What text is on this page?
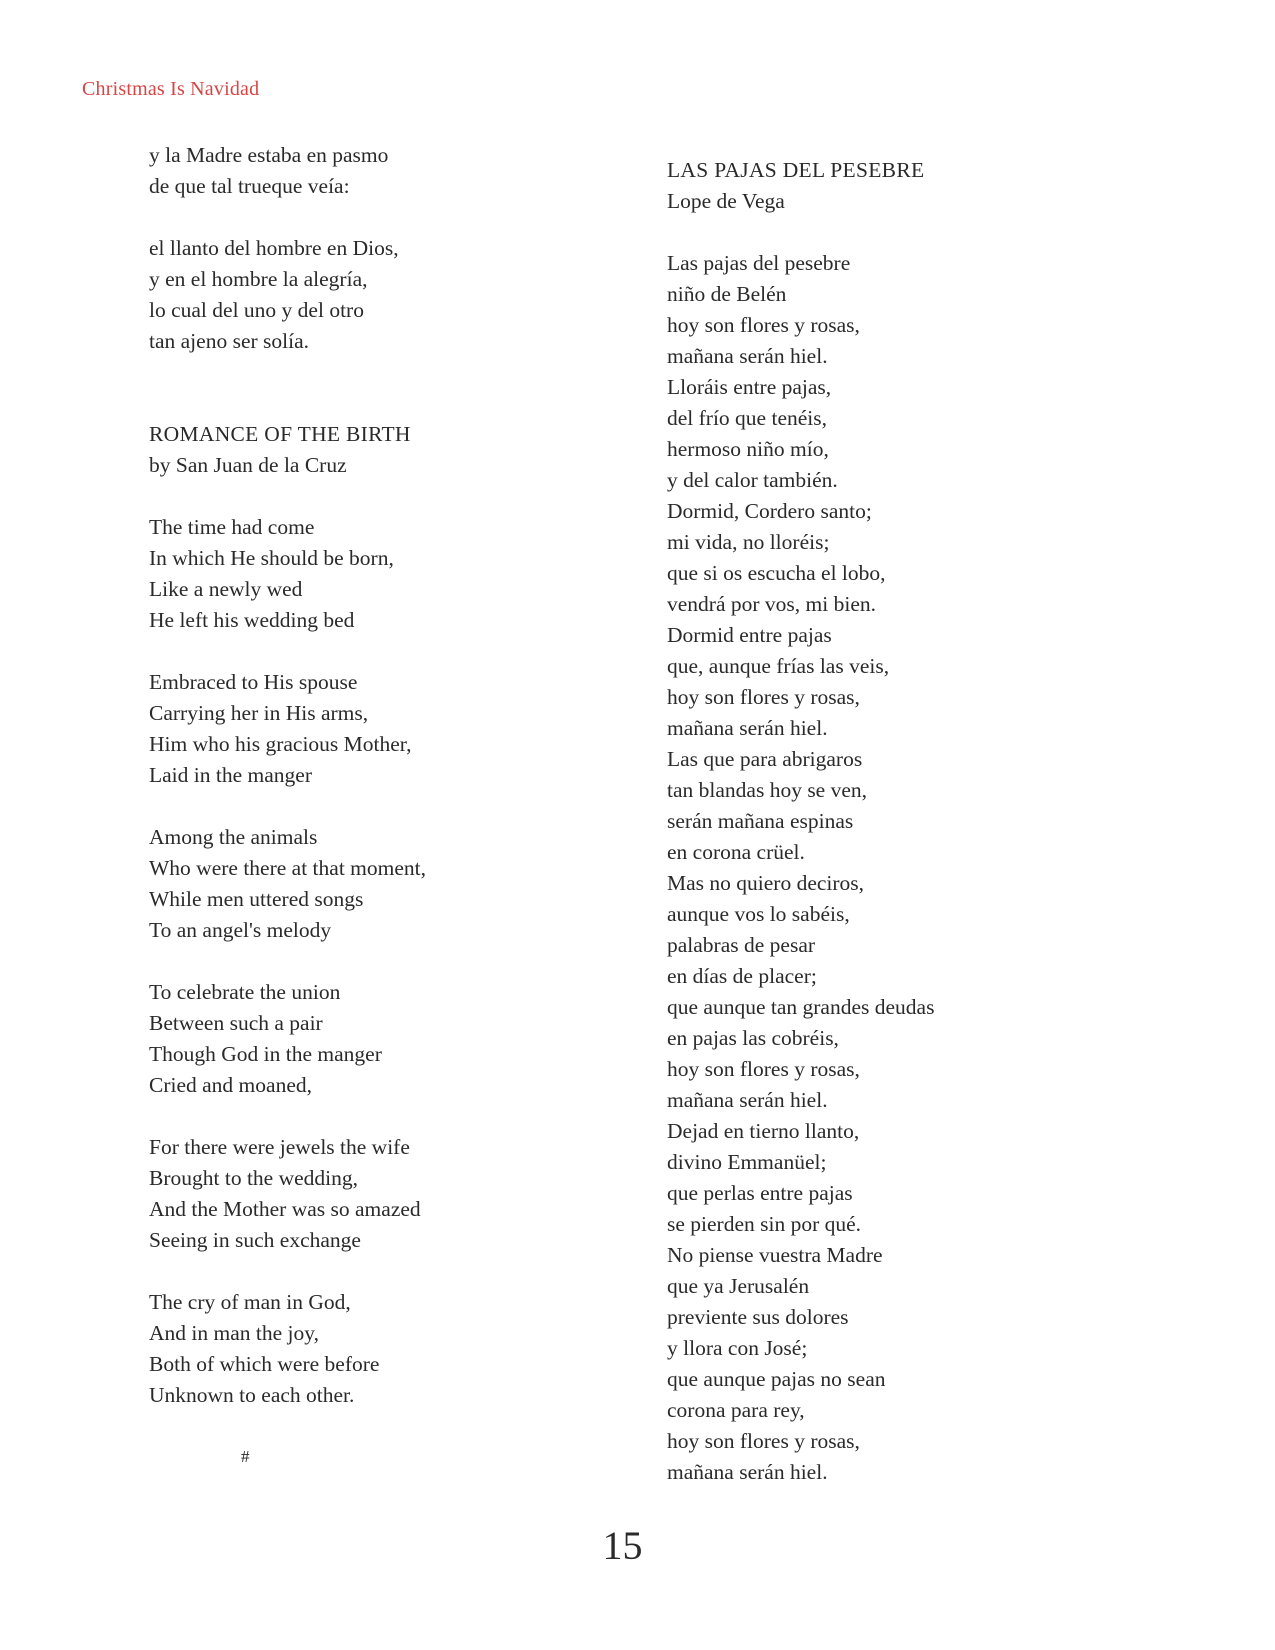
Christmas Is Navidad
y la Madre estaba en pasmo
de que tal trueque veía:
el llanto del hombre en Dios,
y en el hombre la alegría,
lo cual del uno y del otro
tan ajeno ser solía.
ROMANCE OF THE BIRTH
by San Juan de la Cruz
The time had come
In which He should be born,
Like a newly wed
He left his wedding bed
Embraced to His spouse
Carrying her in His arms,
Him who his gracious Mother,
Laid in the manger
Among the animals
Who were there at that moment,
While men uttered songs
To an angel's melody
To celebrate the union
Between such a pair
Though God in the manger
Cried and moaned,
For there were jewels the wife
Brought to the wedding,
And the Mother was so amazed
Seeing in such exchange
The cry of man in God,
And in man the joy,
Both of which were before
Unknown to each other.
#
LAS PAJAS DEL PESEBRE
Lope de Vega
Las pajas del pesebre
niño de Belén
hoy son flores y rosas,
mañana serán hiel.
Lloráis entre pajas,
del frío que tenéis,
hermoso niño mío,
y del calor también.
Dormid, Cordero santo;
mi vida, no lloréis;
que si os escucha el lobo,
vendrá por vos, mi bien.
Dormid entre pajas
que, aunque frías las veis,
hoy son flores y rosas,
mañana serán hiel.
Las que para abrigaros
tan blandas hoy se ven,
serán mañana espinas
en corona crüel.
Mas no quiero deciros,
aunque vos lo sabéis,
palabras de pesar
en días de placer;
que aunque tan grandes deudas
en pajas las cobréis,
hoy son flores y rosas,
mañana serán hiel.
Dejad en tierno llanto,
divino Emmanüel;
que perlas entre pajas
se pierden sin por qué.
No piense vuestra Madre
que ya Jerusalén
previente sus dolores
y llora con José;
que aunque pajas no sean
corona para rey,
hoy son flores y rosas,
mañana serán hiel.
15
